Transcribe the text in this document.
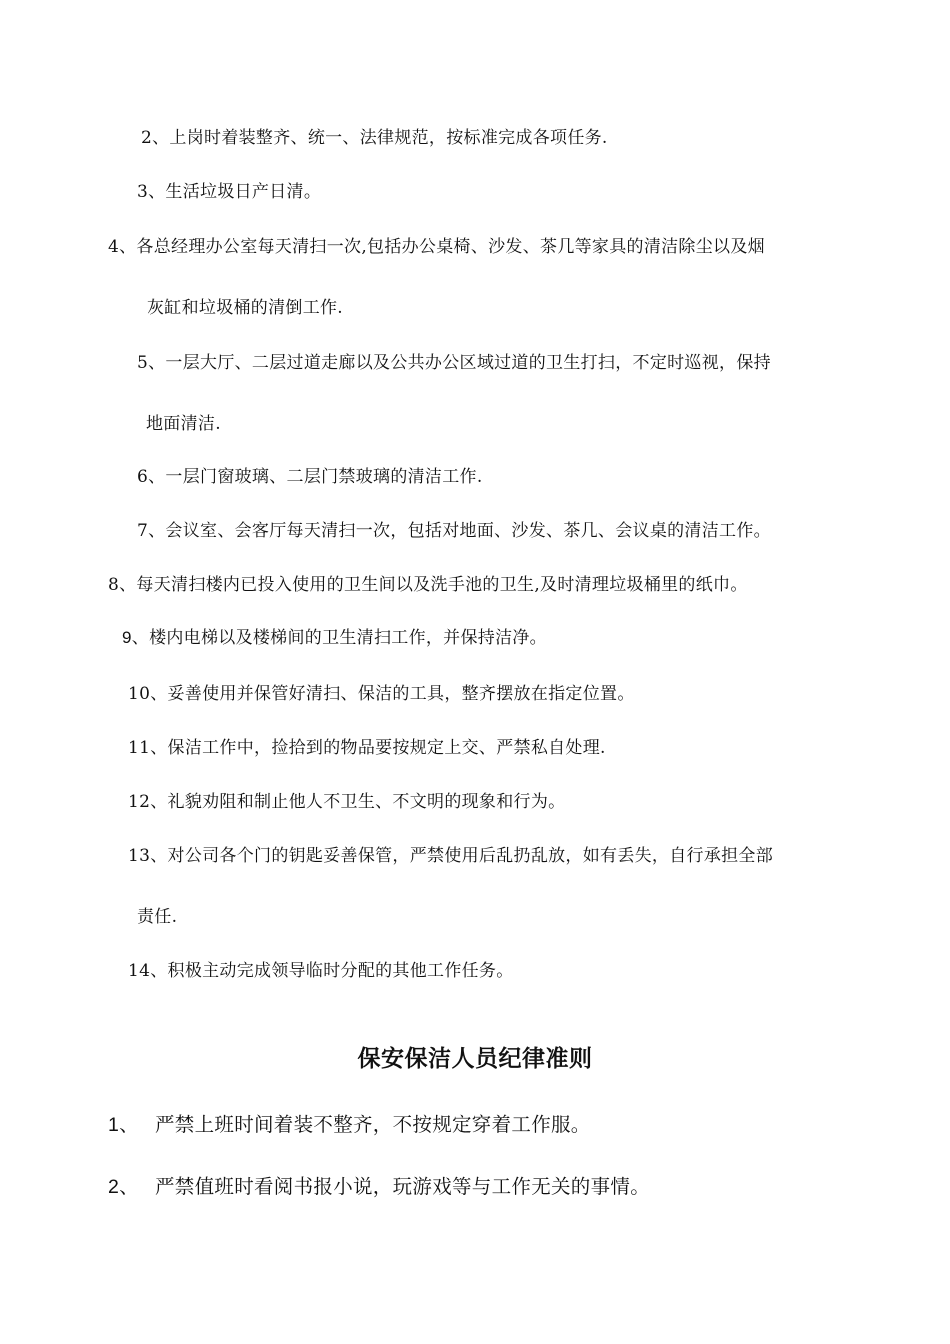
2、上岗时着装整齐、统一、法律规范，按标准完成各项任务.
3、生活垃圾日产日清。
4、各总经理办公室每天清扫一次,包括办公桌椅、沙发、茶几等家具的清洁除尘以及烟
灰缸和垃圾桶的清倒工作.
5、一层大厅、二层过道走廊以及公共办公区域过道的卫生打扫，不定时巡视，保持
地面清洁.
6、一层门窗玻璃、二层门禁玻璃的清洁工作.
7、会议室、会客厅每天清扫一次，包括对地面、沙发、茶几、会议桌的清洁工作。
8、每天清扫楼内已投入使用的卫生间以及洗手池的卫生,及时清理垃圾桶里的纸巾。
9、楼内电梯以及楼梯间的卫生清扫工作，并保持洁净。
10、妥善使用并保管好清扫、保洁的工具，整齐摆放在指定位置。
11、保洁工作中，捡拾到的物品要按规定上交、严禁私自处理.
12、礼貌劝阻和制止他人不卫生、不文明的现象和行为。
13、对公司各个门的钥匙妥善保管，严禁使用后乱扔乱放，如有丢失，自行承担全部
责任.
14、积极主动完成领导临时分配的其他工作任务。
保安保洁人员纪律准则
1、 严禁上班时间着装不整齐，不按规定穿着工作服。
2、 严禁值班时看阅书报小说，玩游戏等与工作无关的事情。
